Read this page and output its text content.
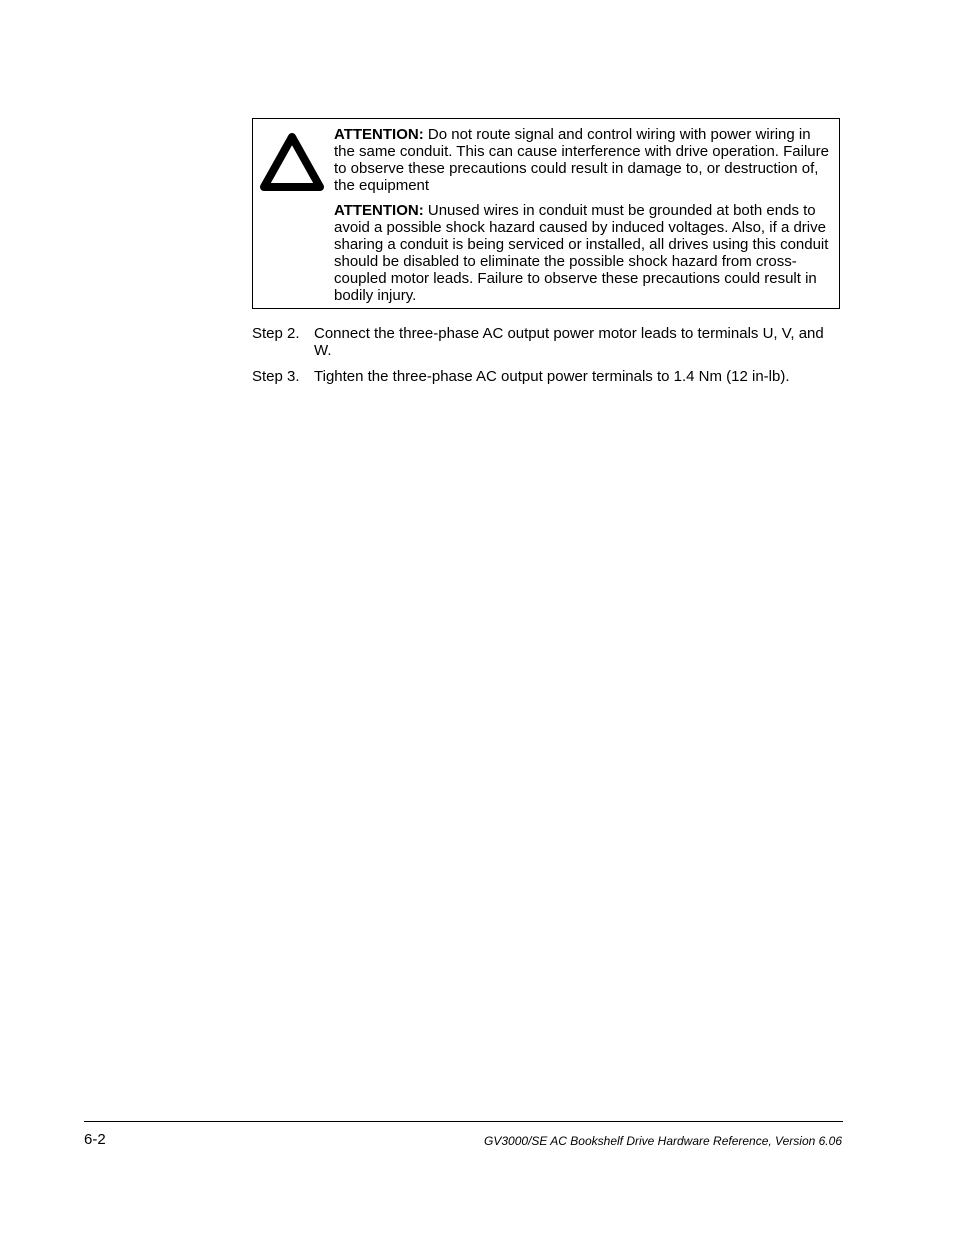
ATTENTION: Do not route signal and control wiring with power wiring in the same conduit. This can cause interference with drive operation. Failure to observe these precautions could result in damage to, or destruction of, the equipment

ATTENTION: Unused wires in conduit must be grounded at both ends to avoid a possible shock hazard caused by induced voltages. Also, if a drive sharing a conduit is being serviced or installed, all drives using this conduit should be disabled to eliminate the possible shock hazard from cross-coupled motor leads. Failure to observe these precautions could result in bodily injury.

Step 2. Connect the three-phase AC output power motor leads to terminals U, V, and W.
Step 3. Tighten the three-phase AC output power terminals to 1.4 Nm (12 in-lb).
6-2	GV3000/SE AC Bookshelf Drive Hardware Reference, Version 6.06
